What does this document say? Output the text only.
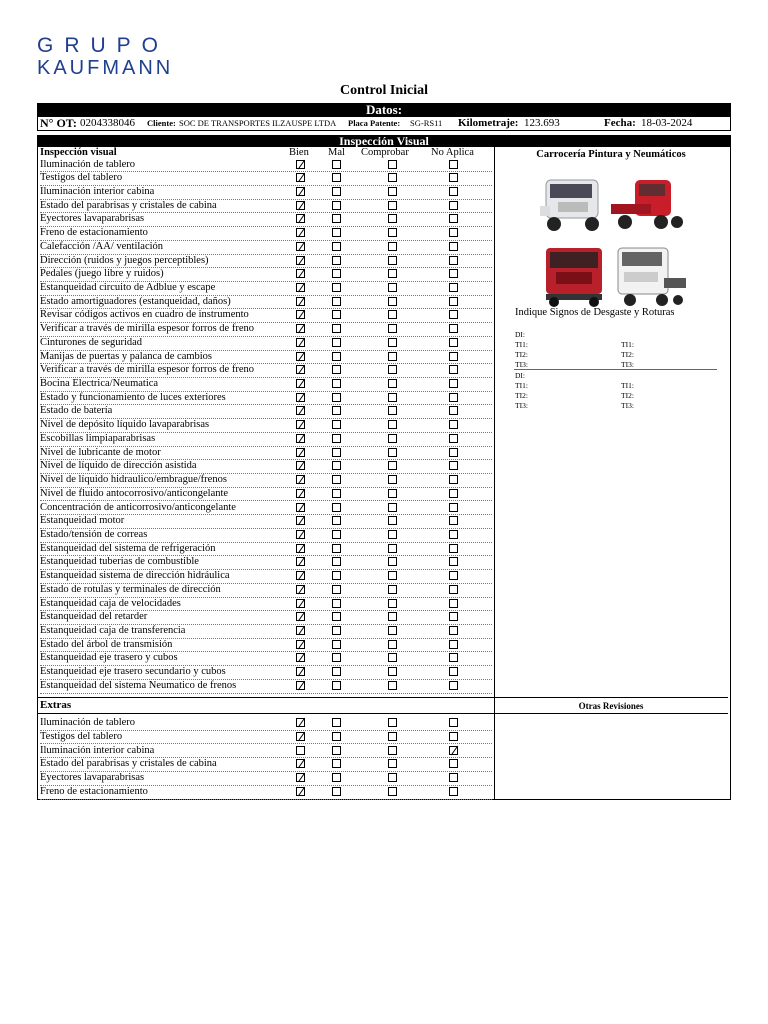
GRUPO
KAUFMANN
Control Inicial
Datos:
N° OT: 0204338046 Cliente: SOC DE TRANSPORTES ILZAUSPE LTDA Placa Patente: SG-RS11 Kilometraje: 123.693	Fecha: 18-03-2024
Inspección Visual
Inspección visual	Bien Mal Comprobar No Aplica
Iluminación de tablero
Testigos del tablero
Iluminación interior cabina
Estado del parabrisas y cristales de cabina
Eyectores lavaparabrisas
Freno de estacionamiento
Calefacción /AA/ ventilación
Dirección (ruidos y juegos perceptibles)
Pedales (juego libre y ruidos)
Estanqueidad circuito de Adblue y escape
Estado amortiguadores (estanqueidad, daños)
Revisar códigos activos en cuadro de instrumento
Verificar a través de mirilla espesor forros de freno
Cinturones de seguridad
Manijas de puertas y palanca de cambios
Verificar a través de mirilla espesor forros de freno
Bocina Electrica/Neumatica
Estado y funcionamiento de luces exteriores
Estado de batería
Nivel de depósito líquido lavaparabrisas
Escobillas limpiaparabrisas
Nivel de lubricante de motor
Nivel de líquido de dirección asistida
Nivel de líquido hidraulico/embrague/frenos
Nivel de fluido antocorrosivo/anticongelante
Concentración de anticorrosivo/anticongelante
Estanqueidad motor
Estado/tensión de correas
Estanqueidad del sistema de refrigeración
Estanqueidad tuberias de combustible
Estanqueidad sistema de dirección hidráulica
Estado de rotulas y terminales de dirección
Estanqueidad caja de velocidades
Estanqueidad del retarder
Estanqueidad caja de transferencia
Estado del árbol de transmisión
Estanqueidad eje trasero y cubos
Estanqueidad eje trasero secundario y cubos
Estanqueidad del sistema Neumatico de frenos
Extras
Iluminación de tablero
Testigos del tablero
Iluminación interior cabina
Estado del parabrisas y cristales de cabina
Eyectores lavaparabrisas
Freno de estacionamiento
Carrocería Pintura y Neumáticos
Indique Signos de Desgaste y Roturas
DI:
TI1:
TI2:
TI3:

TI1:
TI2:
TI3:
DI:
TI1:
TI2:
TI3:

TI1:
TI2:
TI3:
Otras Revisiones
